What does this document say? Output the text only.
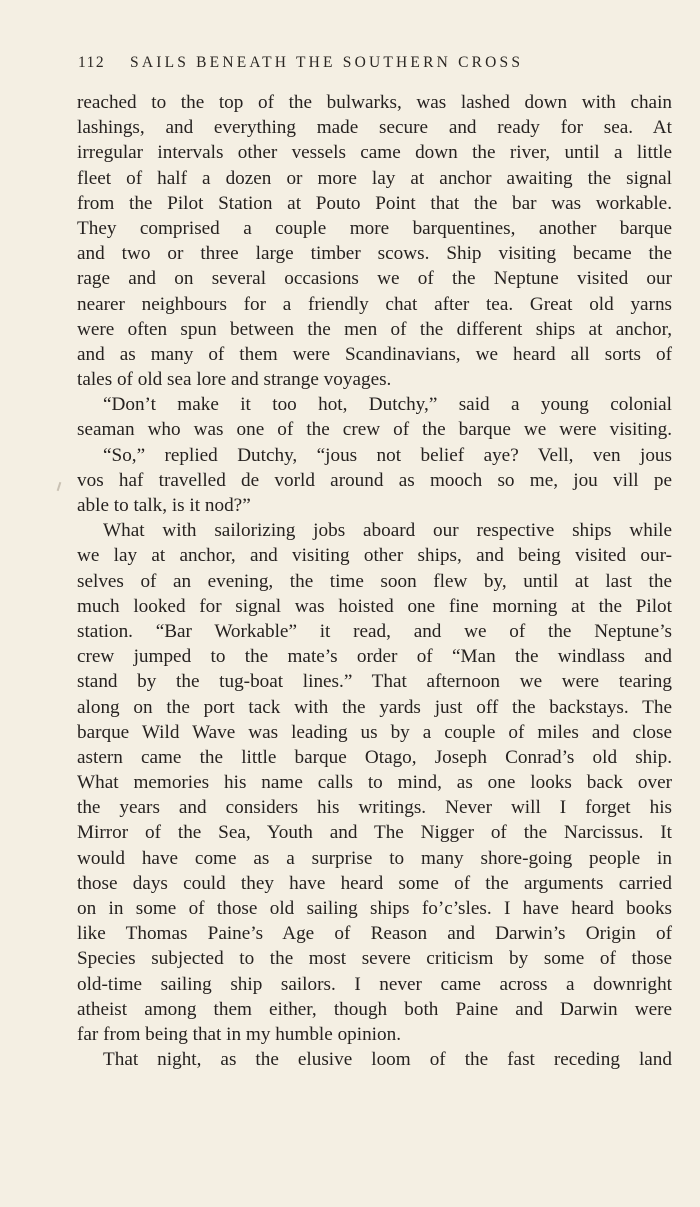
112 SAILS BENEATH THE SOUTHERN CROSS
reached to the top of the bulwarks, was lashed down with chain
lashings, and everything made secure and ready for sea. At
irregular intervals other vessels came down the river, until a little
fleet of half a dozen or more lay at anchor awaiting the signal
from the Pilot Station at Pouto Point that the bar was workable.
They comprised a couple more barquentines, another barque
and two or three large timber scows. Ship visiting became the
rage and on several occasions we of the Neptune visited our
nearer neighbours for a friendly chat after tea. Great old yarns
were often spun between the men of the different ships at anchor,
and as many of them were Scandinavians, we heard all sorts of
tales of old sea lore and strange voyages.
“Don’t make it too hot, Dutchy,” said a young colonial
seaman who was one of the crew of the barque we were visiting.
“So,” replied Dutchy, “jous not belief aye? Vell, ven jous
vos haf travelled de vorld around as mooch so me, jou vill pe
able to talk, is it nod?”
What with sailorizing jobs aboard our respective ships while
we lay at anchor, and visiting other ships, and being visited our-
selves of an evening, the time soon flew by, until at last the
much looked for signal was hoisted one fine morning at the Pilot
station. “Bar Workable” it read, and we of the Neptune’s
crew jumped to the mate’s order of “Man the windlass and
stand by the tug-boat lines.” That afternoon we were tearing
along on the port tack with the yards just off the backstays. The
barque Wild Wave was leading us by a couple of miles and close
astern came the little barque Otago, Joseph Conrad’s old ship.
What memories his name calls to mind, as one looks back over
the years and considers his writings. Never will I forget his
Mirror of the Sea, Youth and The Nigger of the Narcissus. It
would have come as a surprise to many shore-going people in
those days could they have heard some of the arguments carried
on in some of those old sailing ships fo’c’sles. I have heard books
like Thomas Paine’s Age of Reason and Darwin’s Origin of
Species subjected to the most severe criticism by some of those
old-time sailing ship sailors. I never came across a downright
atheist among them either, though both Paine and Darwin were
far from being that in my humble opinion.
That night, as the elusive loom of the fast receding land
